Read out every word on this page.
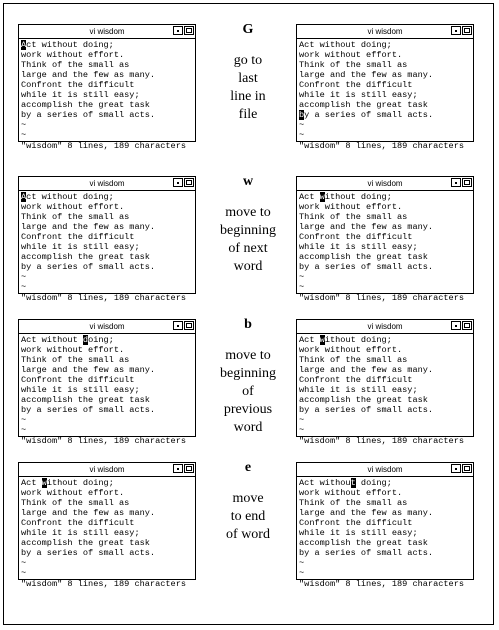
vi wisdom
Act without doing;
work without effort.
Think of the small as
large and the few as many.
Confront the difficult
while it is still easy;
accomplish the great task
by a series of small acts.
~
~
"wisdom" 8 lines, 189 characters
G
go to
last
line in
file
vi wisdom
Act without doing;
work without effort.
Think of the small as
large and the few as many.
Confront the difficult
while it is still easy;
accomplish the great task
by a series of small acts.
~
~
"wisdom" 8 lines, 189 characters
vi wisdom
Act without doing;
work without effort.
Think of the small as
large and the few as many.
Confront the difficult
while it is still easy;
accomplish the great task
by a series of small acts.
~
~
"wisdom" 8 lines, 189 characters
w
move to
beginning
of next
word
vi wisdom
Act without doing;
work without effort.
Think of the small as
large and the few as many.
Confront the difficult
while it is still easy;
accomplish the great task
by a series of small acts.
~
~
"wisdom" 8 lines, 189 characters
vi wisdom
Act without doing;
work without effort.
Think of the small as
large and the few as many.
Confront the difficult
while it is still easy;
accomplish the great task
by a series of small acts.
~
~
"wisdom" 8 lines, 189 characters
b
move to
beginning
of
previous
word
vi wisdom
Act without doing;
work without effort.
Think of the small as
large and the few as many.
Confront the difficult
while it is still easy;
accomplish the great task
by a series of small acts.
~
~
"wisdom" 8 lines, 189 characters
vi wisdom
Act without doing;
work without effort.
Think of the small as
large and the few as many.
Confront the difficult
while it is still easy;
accomplish the great task
by a series of small acts.
~
~
"wisdom" 8 lines, 189 characters
e
move
to end
of word
vi wisdom
Act without doing;
work without effort.
Think of the small as
large and the few as many.
Confront the difficult
while it is still easy;
accomplish the great task
by a series of small acts.
~
~
"wisdom" 8 lines, 189 characters
